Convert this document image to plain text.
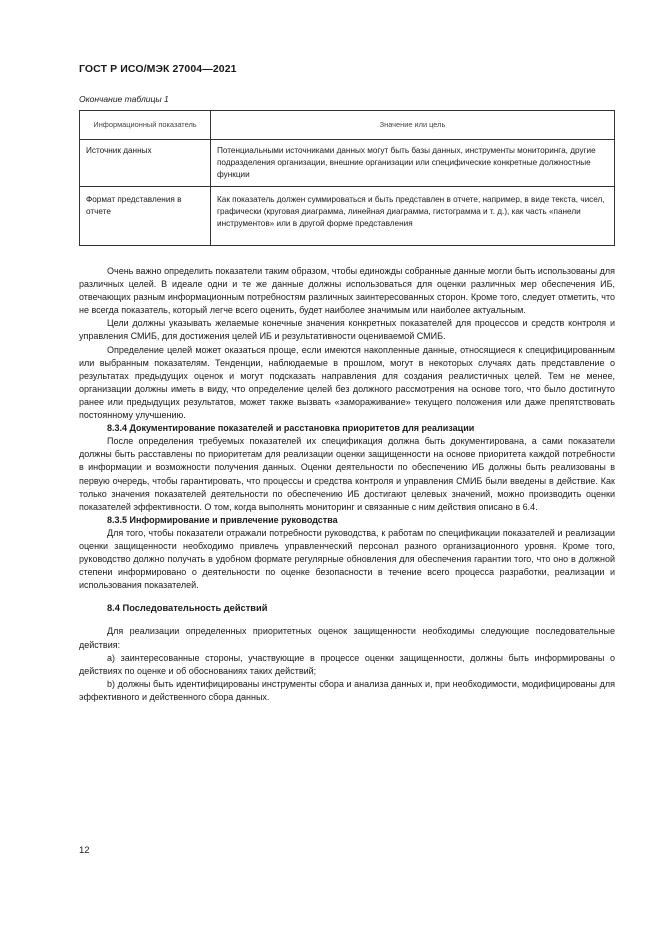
ГОСТ Р ИСО/МЭК 27004—2021
Окончание таблицы 1
Информационный показатель	Значение или цель
Источник данных	Потенциальными источниками данных могут быть базы данных, инструменты мониторинга, другие подразделения организации, внешние организации или специфические конкретные должностные функции
Формат представления в отчете	Как показатель должен суммироваться и быть представлен в отчете, например, в виде текста, чисел, графически (круговая диаграмма, линейная диаграмма, гистограмма и т. д.), как часть «панели инструментов» или в другой форме представления

Очень важно определить показатели таким образом, чтобы единожды собранные данные могли быть использованы для различных целей. В идеале одни и те же данные должны использоваться для оценки различных мер обеспечения ИБ, отвечающих разным информационным потребностям различных заинтересованных сторон. Кроме того, следует отметить, что не всегда показатель, который легче всего оценить, будет наиболее значимым или наиболее актуальным.

Цели должны указывать желаемые конечные значения конкретных показателей для процессов и средств контроля и управления СМИБ, для достижения целей ИБ и результативности оцениваемой СМИБ.

Определение целей может оказаться проще, если имеются накопленные данные, относящиеся к специфицированным или выбранным показателям. Тенденции, наблюдаемые в прошлом, могут в некоторых случаях дать представление о результатах предыдущих оценок и могут подсказать направления для создания реалистичных целей. Тем не менее, организации должны иметь в виду, что определение целей без должного рассмотрения на основе того, что было достигнуто ранее или предыдущих результатов, может также вызвать «замораживание» текущего положения или даже препятствовать постоянному улучшению.

8.3.4 Документирование показателей и расстановка приоритетов для реализации

После определения требуемых показателей их спецификация должна быть документирована, а сами показатели должны быть расставлены по приоритетам для реализации оценки защищенности на основе приоритета каждой потребности в информации и возможности получения данных. Оценки деятельности по обеспечению ИБ должны быть реализованы в первую очередь, чтобы гарантировать, что процессы и средства контроля и управления СМИБ были введены в действие. Как только значения показателей деятельности по обеспечению ИБ достигают целевых значений, можно производить оценки показателей эффективности. О том, когда выполнять мониторинг и связанные с ним действия описано в 6.4.

8.3.5 Информирование и привлечение руководства

Для того, чтобы показатели отражали потребности руководства, к работам по спецификации показателей и реализации оценки защищенности необходимо привлечь управленческий персонал разного организационного уровня. Кроме того, руководство должно получать в удобном формате регулярные обновления для обеспечения гарантии того, что оно в должной степени информировано о деятельности по оценке безопасности в течение всего процесса разработки, реализации и использования показателей.

8.4 Последовательность действий

Для реализации определенных приоритетных оценок защищенности необходимы следующие последовательные действия:

a) заинтересованные стороны, участвующие в процессе оценки защищенности, должны быть информированы о действиях по оценке и об обоснованиях таких действий;

b) должны быть идентифицированы инструменты сбора и анализа данных и, при необходимости, модифицированы для эффективного и действенного сбора данных.

12
